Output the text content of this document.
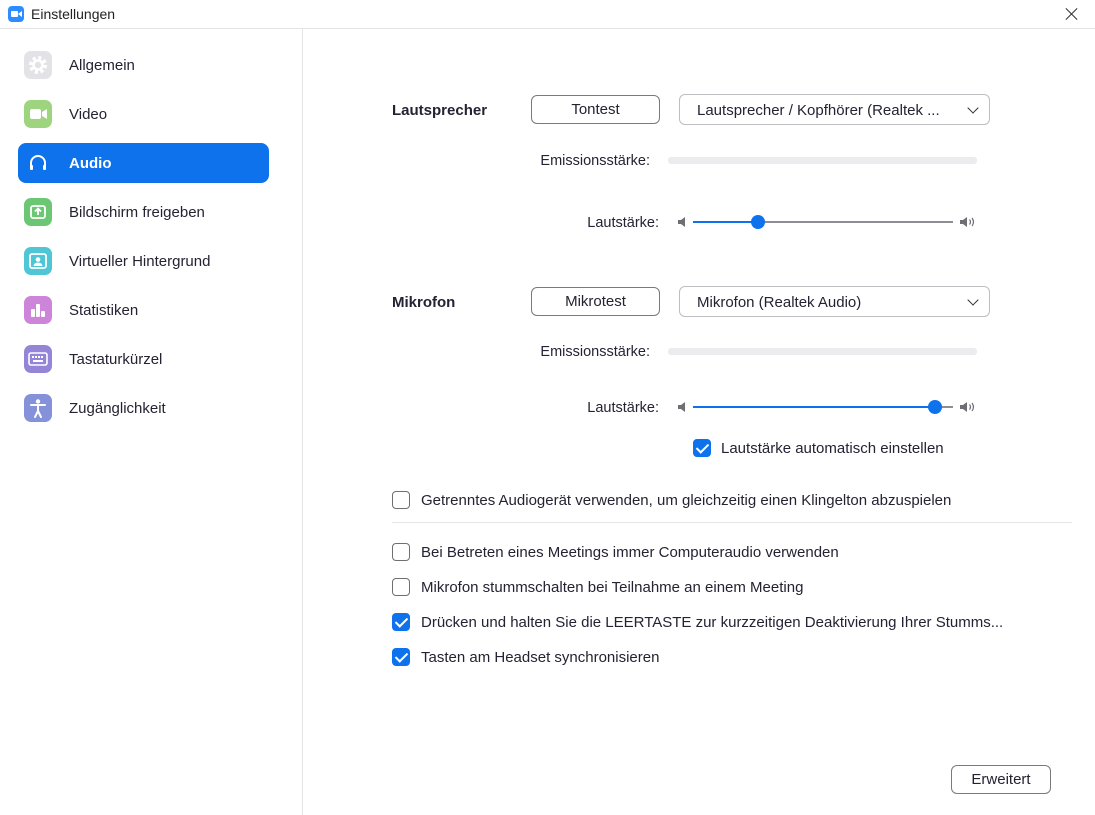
Einstellungen
Allgemein
Video
Audio
Bildschirm freigeben
Virtueller Hintergrund
Statistiken
Tastaturkürzel
Zugänglichkeit
Lautsprecher	Tontest	Lautsprecher / Kopfhörer (Realtek ...
Emissionsstärke:
Lautstärke:
Mikrofon	Mikrotest	Mikrofon (Realtek Audio)
Emissionsstärke:
Lautstärke:
Lautstärke automatisch einstellen
Getrenntes Audiogerät verwenden, um gleichzeitig einen Klingelton abzuspielen
Bei Betreten eines Meetings immer Computeraudio verwenden
Mikrofon stummschalten bei Teilnahme an einem Meeting
Drücken und halten Sie die LEERTASTE zur kurzzeitigen Deaktivierung Ihrer Stumms...
Tasten am Headset synchronisieren
Erweitert
